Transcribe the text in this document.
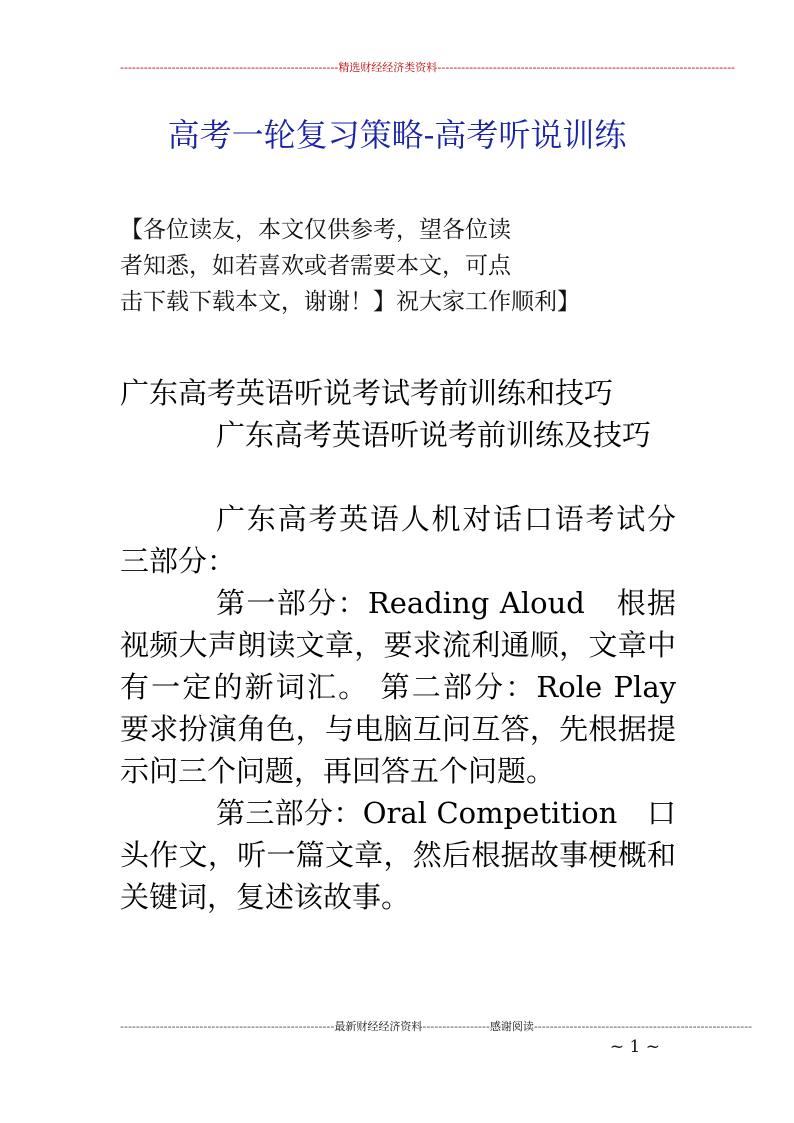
-------------------------------------------------------精选财经经济类资料---------------------------------------------------------------------------
高考一轮复习策略-高考听说训练
【各位读友，本文仅供参考，望各位读
者知悉，如若喜欢或者需要本文，可点
击下载下载本文，谢谢！】祝大家工作顺利】

广东高考英语听说考试考前训练和技巧

广东高考英语听说考前训练及技巧

广东高考英语人机对话口语考试分三部分：

第一部分：Reading Aloud　根据视频大声朗读文章，要求流利通顺，文章中有一定的新词汇。 第二部分：Role Play　要求扮演角色，与电脑互问互答，先根据提示问三个问题，再回答五个问题。

第三部分：Oral Competition　口头作文，听一篇文章，然后根据故事梗概和关键词，复述该故事。

------------------------------------------------------最新财经经济资料-----------------感谢阅读-------------------------------------------------------
~ 1 ~
